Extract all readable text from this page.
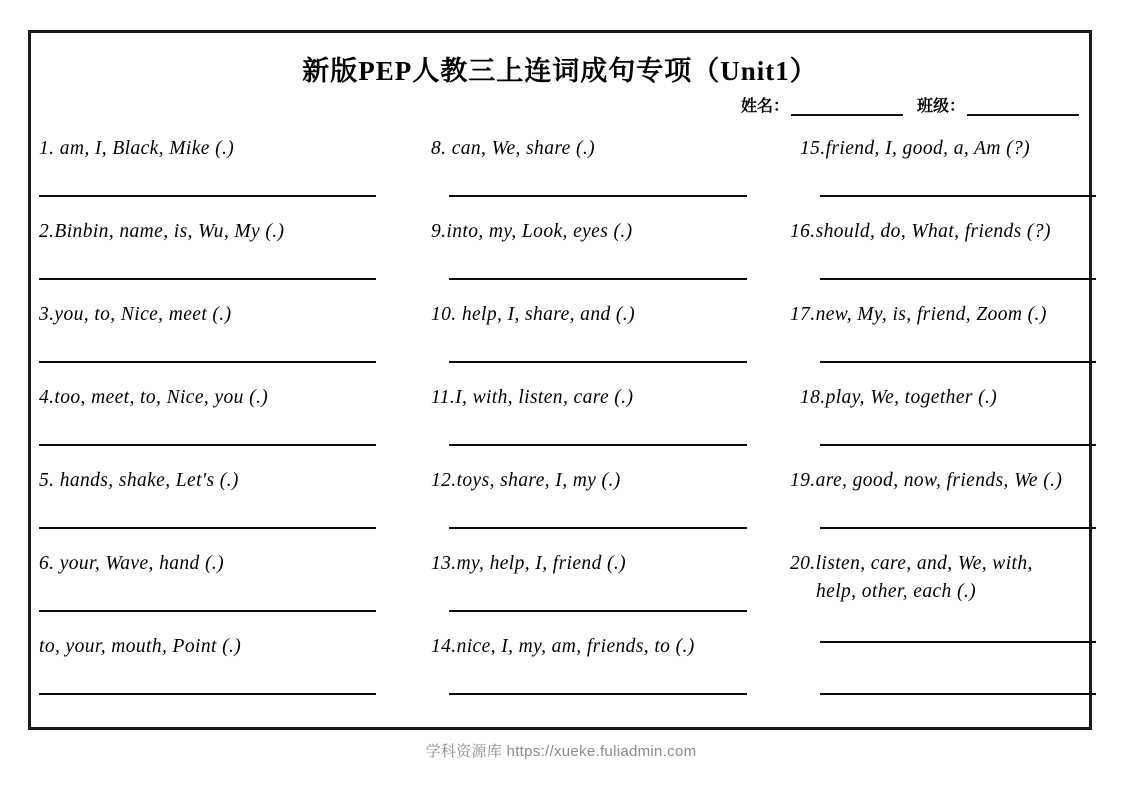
新版PEP人教三上连词成句专项（Unit1）
姓名：	班级：
1. am, I, Black, Mike (.)
2.Binbin, name, is, Wu, My (.)
3.you, to, Nice, meet (.)
4.too, meet, to, Nice, you (.)
5. hands, shake, Let's (.)
6. your, Wave, hand (.)
to, your, mouth, Point (.)
8. can, We, share (.)
9.into, my, Look, eyes (.)
10. help, I, share, and (.)
11.I, with, listen, care (.)
12.toys, share, I, my (.)
13.my, help, I, friend (.)
14.nice, I, my, am, friends, to (.)
15.friend, I, good, a, Am (?)
16.should, do, What, friends (?)
17.new, My, is, friend, Zoom (.)
18.play, We, together (.)
19.are, good, now, friends, We (.)
20.listen, care, and, We, with,
help, other, each (.)
学科资源库 https://xueke.fuliadmin.com
